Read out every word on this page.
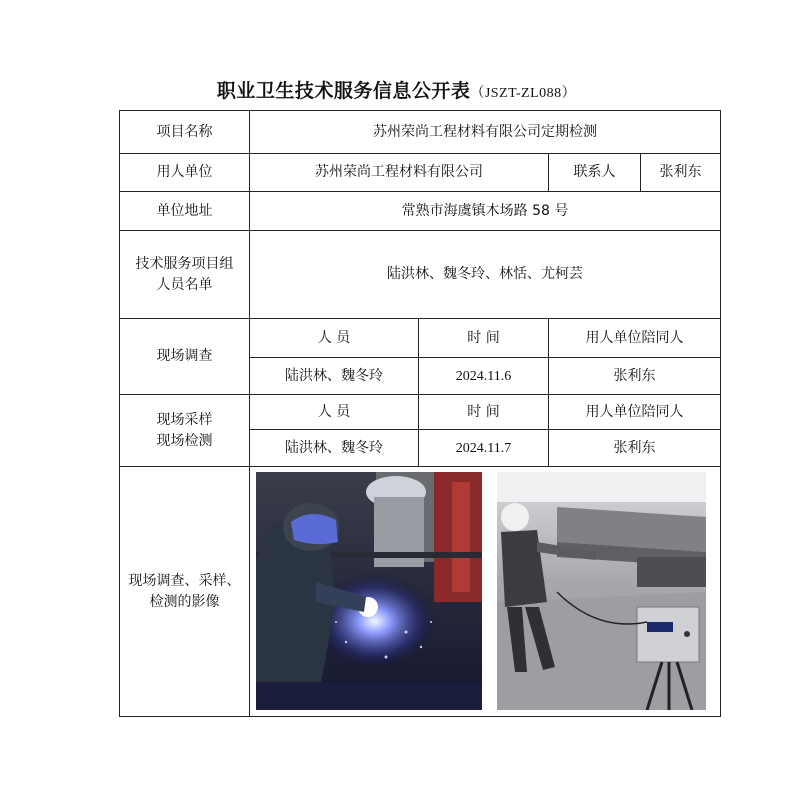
职业卫生技术服务信息公开表（JSZT-ZL088）
项目名称	苏州荣尚工程材料有限公司定期检测			
用人单位	苏州荣尚工程材料有限公司		联系人	张利东
单位地址	常熟市海虞镇木场路 58 号			

技术服务项目组
人员名单	陆洪林、魏冬玲、林恬、尤柯芸			
现场调查	人 员	时 间	用人单位陪同人	
	陆洪林、魏冬玲	2024.11.6	张利东	

现场采样
现场检测	人 员	时 间	用人单位陪同人	
	陆洪林、魏冬玲	2024.11.7	张利东	

现场调查、采样、
检测的影像
